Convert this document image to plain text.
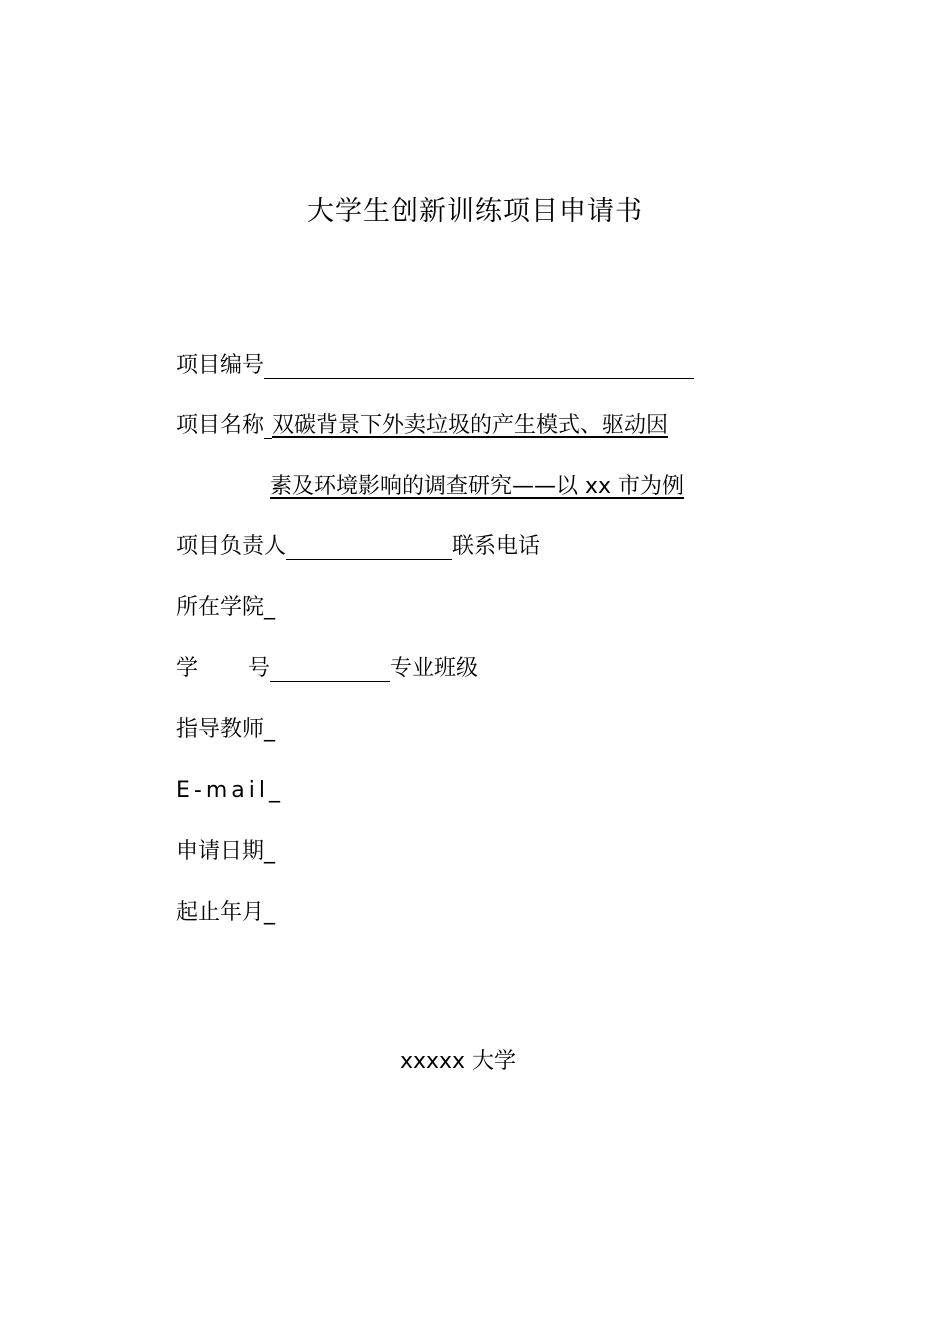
大学生创新训练项目申请书
项目编号
项目名称 双碳背景下外卖垃圾的产生模式、驱动因
素及环境影响的调查研究——以 xx 市为例
项目负责人	联系电话
所在学院 _
学 号	专业班级
指导教师 _
E-mail _
申请日期 _
起止年月 _
xxxxx 大学
